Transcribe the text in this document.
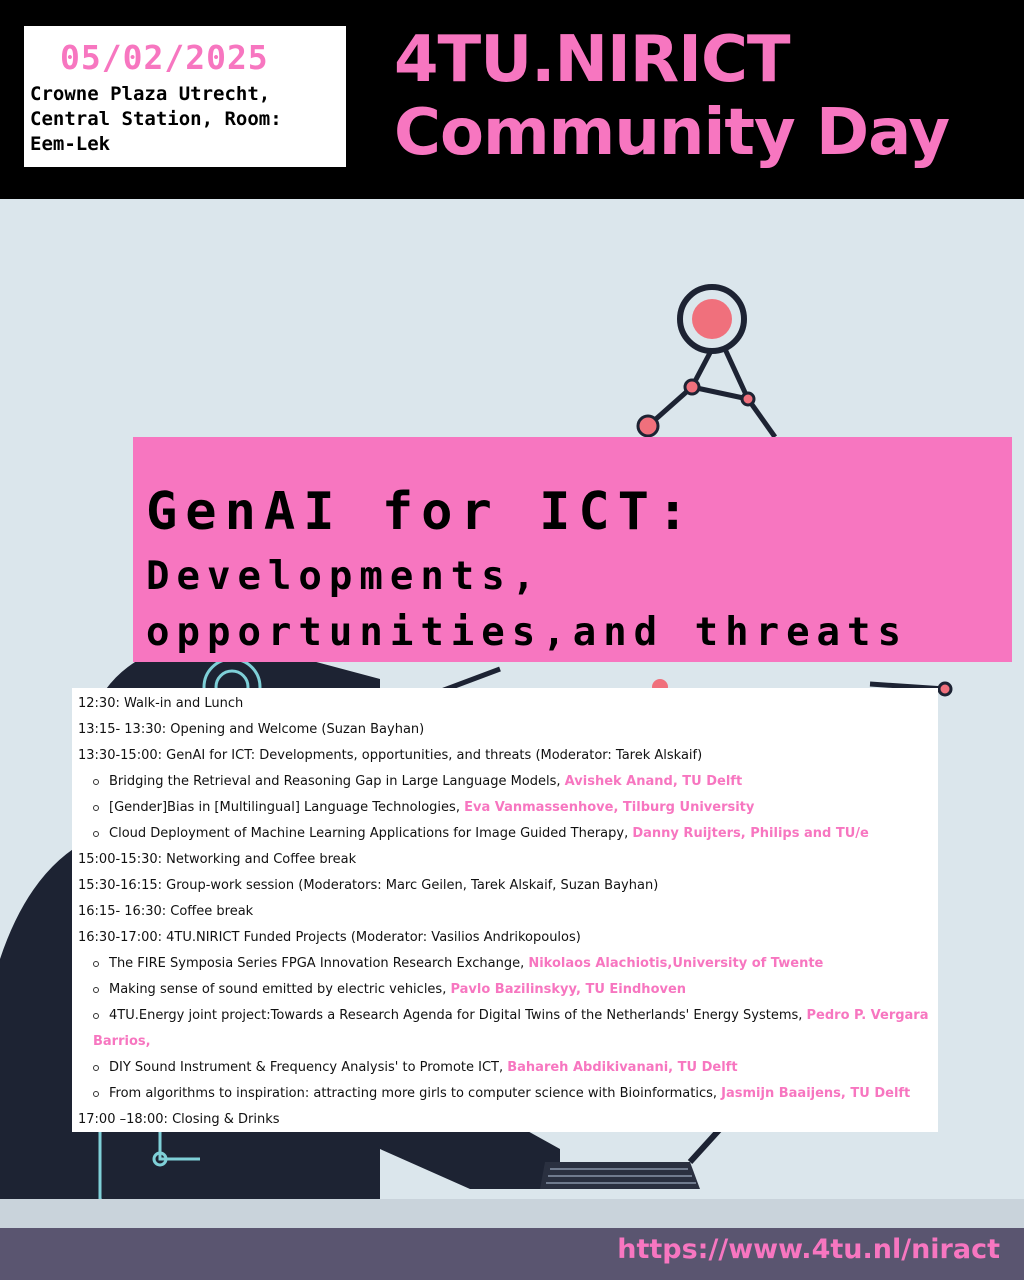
05/02/2025
Crowne Plaza Utrecht,
Central Station, Room:
Eem-Lek
4TU.NIRICT
Community Day
GenAI for ICT:
Developments,
opportunities,and threats
12:30: Walk-in and Lunch
13:15- 13:30: Opening and Welcome (Suzan Bayhan)
13:30-15:00: GenAI for ICT: Developments, opportunities, and threats (Moderator: Tarek Alskaif)
Bridging the Retrieval and Reasoning Gap in Large Language Models, Avishek Anand, TU Delft
[Gender]Bias in [Multilingual] Language Technologies, Eva Vanmassenhove, Tilburg University
Cloud Deployment of Machine Learning Applications for Image Guided Therapy, Danny Ruijters, Philips and TU/e
15:00-15:30: Networking and Coffee break
15:30-16:15: Group-work session (Moderators: Marc Geilen, Tarek Alskaif, Suzan Bayhan)
16:15- 16:30: Coffee break
16:30-17:00: 4TU.NIRICT Funded Projects (Moderator: Vasilios Andrikopoulos)
The FIRE Symposia Series FPGA Innovation Research Exchange, Nikolaos Alachiotis,University of Twente
Making sense of sound emitted by electric vehicles, Pavlo Bazilinskyy, TU Eindhoven
4TU.Energy joint project:Towards a Research Agenda for Digital Twins of the Netherlands' Energy Systems, Pedro P. Vergara Barrios,
DIY Sound Instrument & Frequency Analysis' to Promote ICT, Bahareh Abdikivanani, TU Delft
From algorithms to inspiration: attracting more girls to computer science with Bioinformatics, Jasmijn Baaijens, TU Delft
17:00 –18:00: Closing & Drinks
https://www.4tu.nl/niract
